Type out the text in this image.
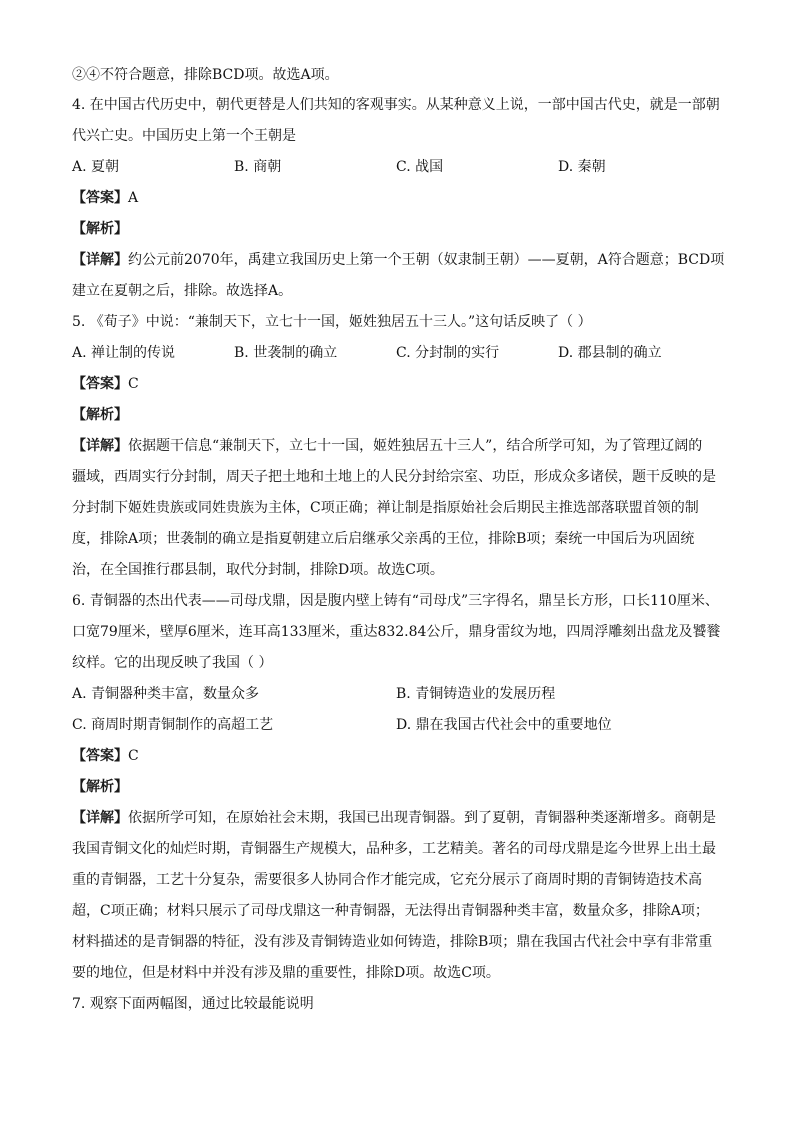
②④不符合题意，排除BCD项。故选A项。
4. 在中国古代历史中，朝代更替是人们共知的客观事实。从某种意义上说，一部中国古代史，就是一部朝
代兴亡史。中国历史上第一个王朝是
A. 夏朝	B. 商朝	C. 战国	D. 秦朝
【答案】A
【解析】
【详解】约公元前2070年，禹建立我国历史上第一个王朝（奴隶制王朝）——夏朝，A符合题意；BCD项
建立在夏朝之后，排除。故选择A。
5. 《荀子》中说：“兼制天下，立七十一国，姬姓独居五十三人。”这句话反映了（ ）
A. 禅让制的传说	B. 世袭制的确立	C. 分封制的实行	D. 郡县制的确立
【答案】C
【解析】
【详解】依据题干信息“兼制天下，立七十一国，姬姓独居五十三人”，结合所学可知，为了管理辽阔的
疆域，西周实行分封制，周天子把土地和土地上的人民分封给宗室、功臣，形成众多诸侯，题干反映的是
分封制下姬姓贵族或同姓贵族为主体，C项正确；禅让制是指原始社会后期民主推选部落联盟首领的制
度，排除A项；世袭制的确立是指夏朝建立后启继承父亲禹的王位，排除B项；秦统一中国后为巩固统
治，在全国推行郡县制，取代分封制，排除D项。故选C项。
6. 青铜器的杰出代表——司母戊鼎，因是腹内壁上铸有“司母戊”三字得名，鼎呈长方形，口长110厘米、
口宽79厘米，壁厚6厘米，连耳高133厘米，重达832.84公斤，鼎身雷纹为地，四周浮雕刻出盘龙及饕餮
纹样。它的出现反映了我国（ ）
A. 青铜器种类丰富，数量众多	B. 青铜铸造业的发展历程
C. 商周时期青铜制作的高超工艺	D. 鼎在我国古代社会中的重要地位
【答案】C
【解析】
【详解】依据所学可知，在原始社会末期，我国已出现青铜器。到了夏朝，青铜器种类逐渐增多。商朝是
我国青铜文化的灿烂时期，青铜器生产规模大，品种多，工艺精美。著名的司母戊鼎是迄今世界上出土最
重的青铜器，工艺十分复杂，需要很多人协同合作才能完成，它充分展示了商周时期的青铜铸造技术高
超，C项正确；材料只展示了司母戊鼎这一种青铜器，无法得出青铜器种类丰富，数量众多，排除A项；
材料描述的是青铜器的特征，没有涉及青铜铸造业如何铸造，排除B项；鼎在我国古代社会中享有非常重
要的地位，但是材料中并没有涉及鼎的重要性，排除D项。故选C项。
7. 观察下面两幅图，通过比较最能说明
